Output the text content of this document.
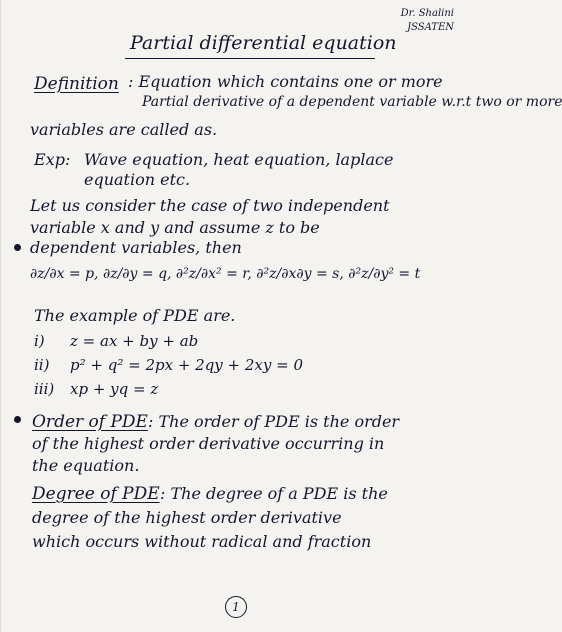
Dr. Shalini
JSSATEN
Partial differential equation
Definition : Equation which contains one or more
Partial derivative of a dependent variable w.r.t two or more
variables are called as.
Exp: Wave equation, heat equation, laplace
equation etc.
Let us consider the case of two independent
variable x and y and assume z to be
dependent variables, then
∂z/∂x = p, ∂z/∂y = q, ∂²z/∂x² = r, ∂²z/∂x∂y = s, ∂²z/∂y² = t
The example of PDE are.
i) z = ax + by + ab
ii) p² + q² = 2px + 2qy + 2xy = 0
iii) xp + yq = z
Order of PDE : The order of PDE is the order
of the highest order derivative occurring in
the equation.
Degree of PDE : The degree of a PDE is the
degree of the highest order derivative
which occurs without radical and fraction
1
